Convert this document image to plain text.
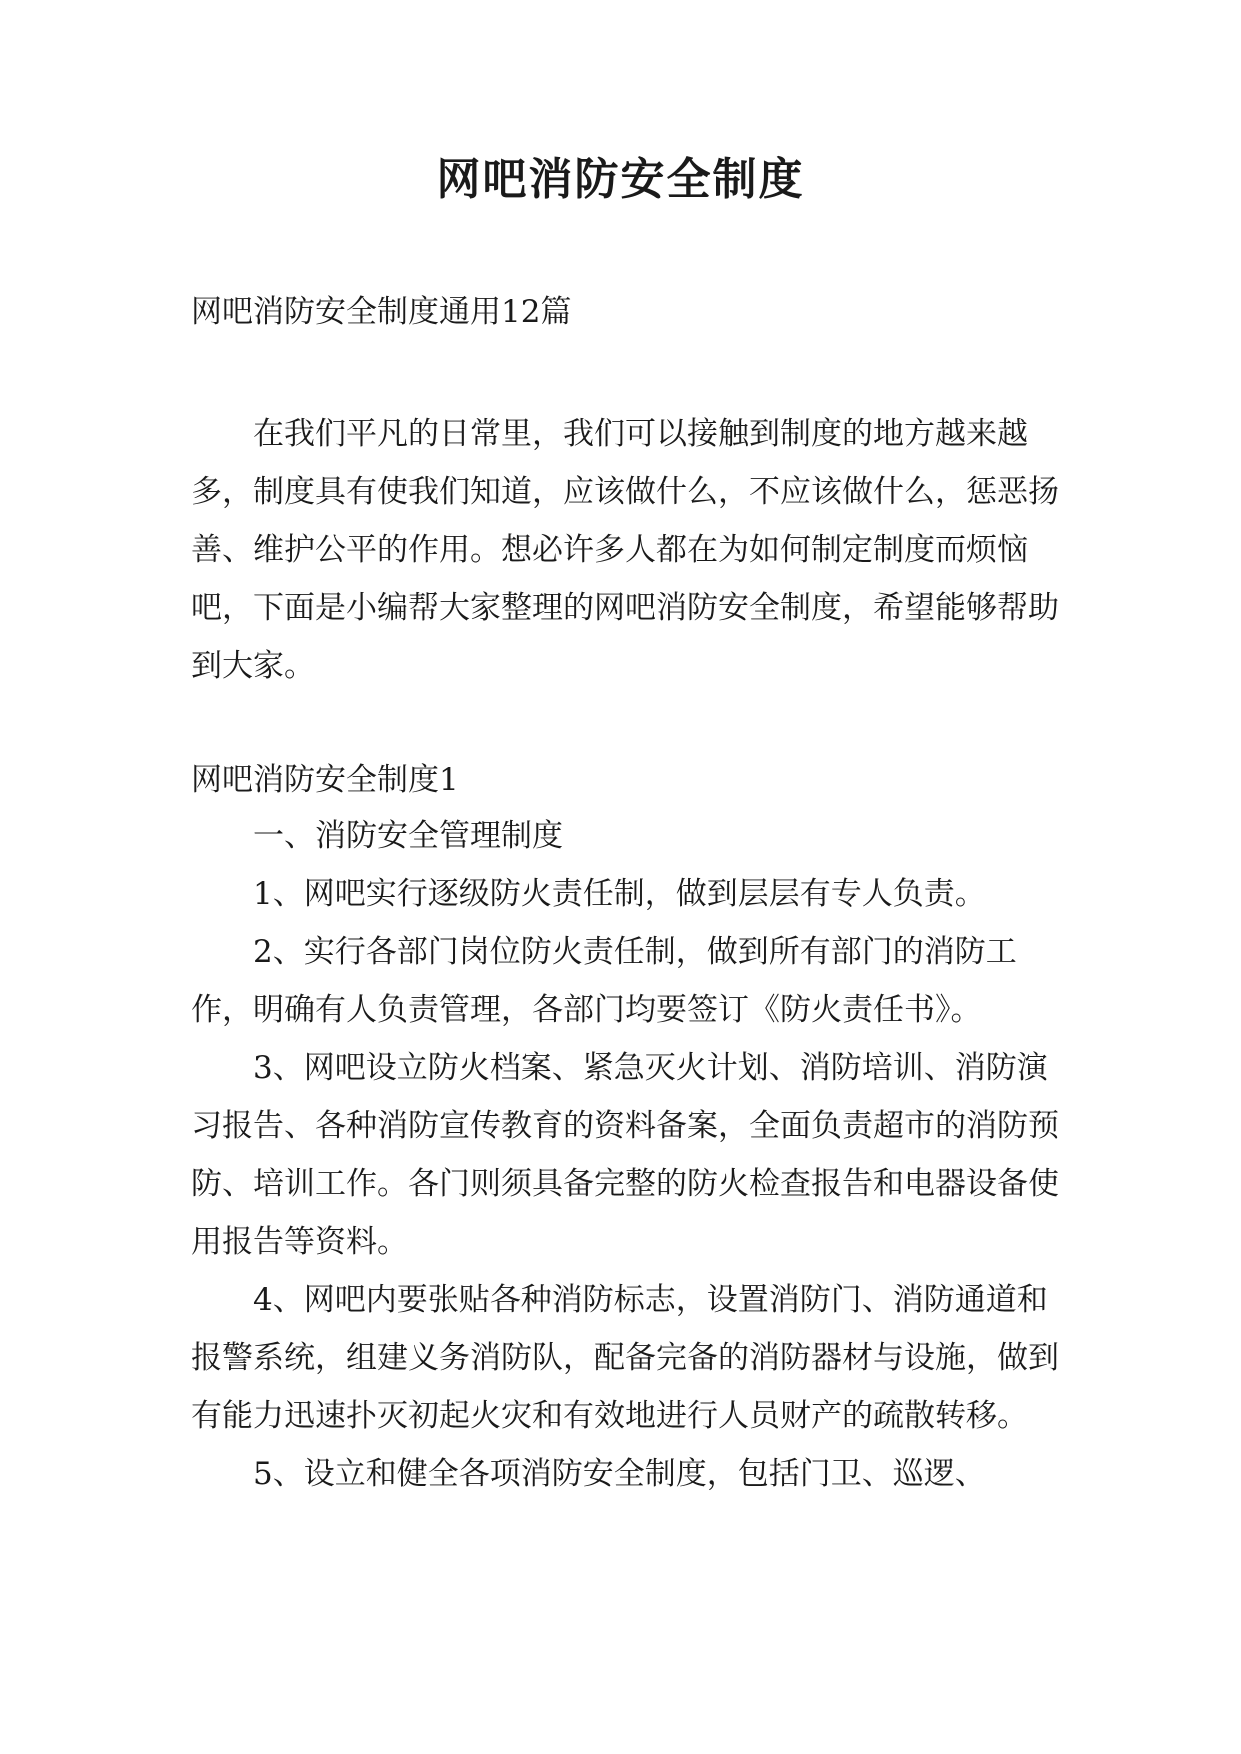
网吧消防安全制度

网吧消防安全制度通用12篇

在我们平凡的日常里，我们可以接触到制度的地方越来越多，制度具有使我们知道，应该做什么，不应该做什么，惩恶扬善、维护公平的作用。想必许多人都在为如何制定制度而烦恼吧，下面是小编帮大家整理的网吧消防安全制度，希望能够帮助到大家。

网吧消防安全制度1

一、消防安全管理制度

1、网吧实行逐级防火责任制，做到层层有专人负责。

2、实行各部门岗位防火责任制，做到所有部门的消防工作，明确有人负责管理，各部门均要签订《防火责任书》。

3、网吧设立防火档案、紧急灭火计划、消防培训、消防演习报告、各种消防宣传教育的资料备案，全面负责超市的消防预防、培训工作。各门则须具备完整的防火检查报告和电器设备使用报告等资料。

4、网吧内要张贴各种消防标志，设置消防门、消防通道和报警系统，组建义务消防队，配备完备的消防器材与设施，做到有能力迅速扑灭初起火灾和有效地进行人员财产的疏散转移。

5、设立和健全各项消防安全制度，包括门卫、巡逻、
